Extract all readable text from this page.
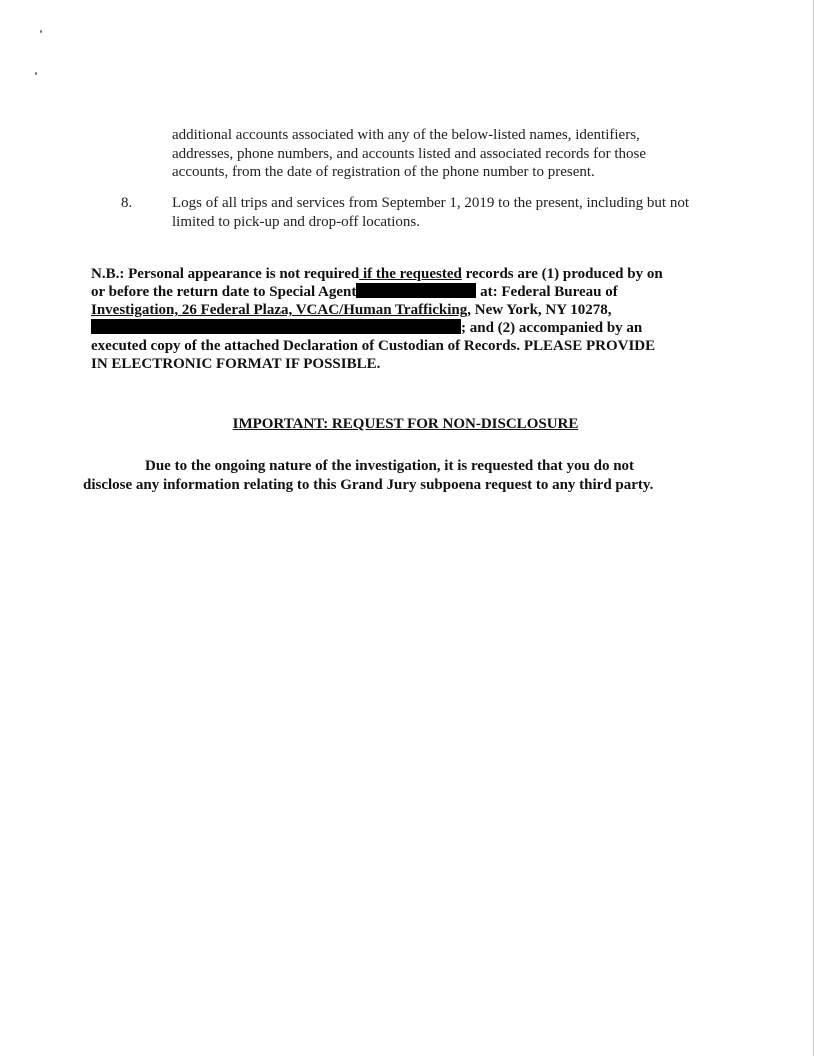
additional accounts associated with any of the below-listed names, identifiers,
addresses, phone numbers, and accounts listed and associated records for those
accounts, from the date of registration of the phone number to present.
8.	Logs of all trips and services from September 1, 2019 to the present, including but not
limited to pick-up and drop-off locations.
N.B.: Personal appearance is not required if the requested records are (1) produced by on
or before the return date to Special Agent	at: Federal Bureau of
Investigation, 26 Federal Plaza, VCAC/Human Trafficking, New York, NY 10278,
; and (2) accompanied by an
executed copy of the attached Declaration of Custodian of Records. PLEASE PROVIDE
IN ELECTRONIC FORMAT IF POSSIBLE.
IMPORTANT: REQUEST FOR NON-DISCLOSURE
Due to the ongoing nature of the investigation, it is requested that you do not
disclose any information relating to this Grand Jury subpoena request to any third party.
